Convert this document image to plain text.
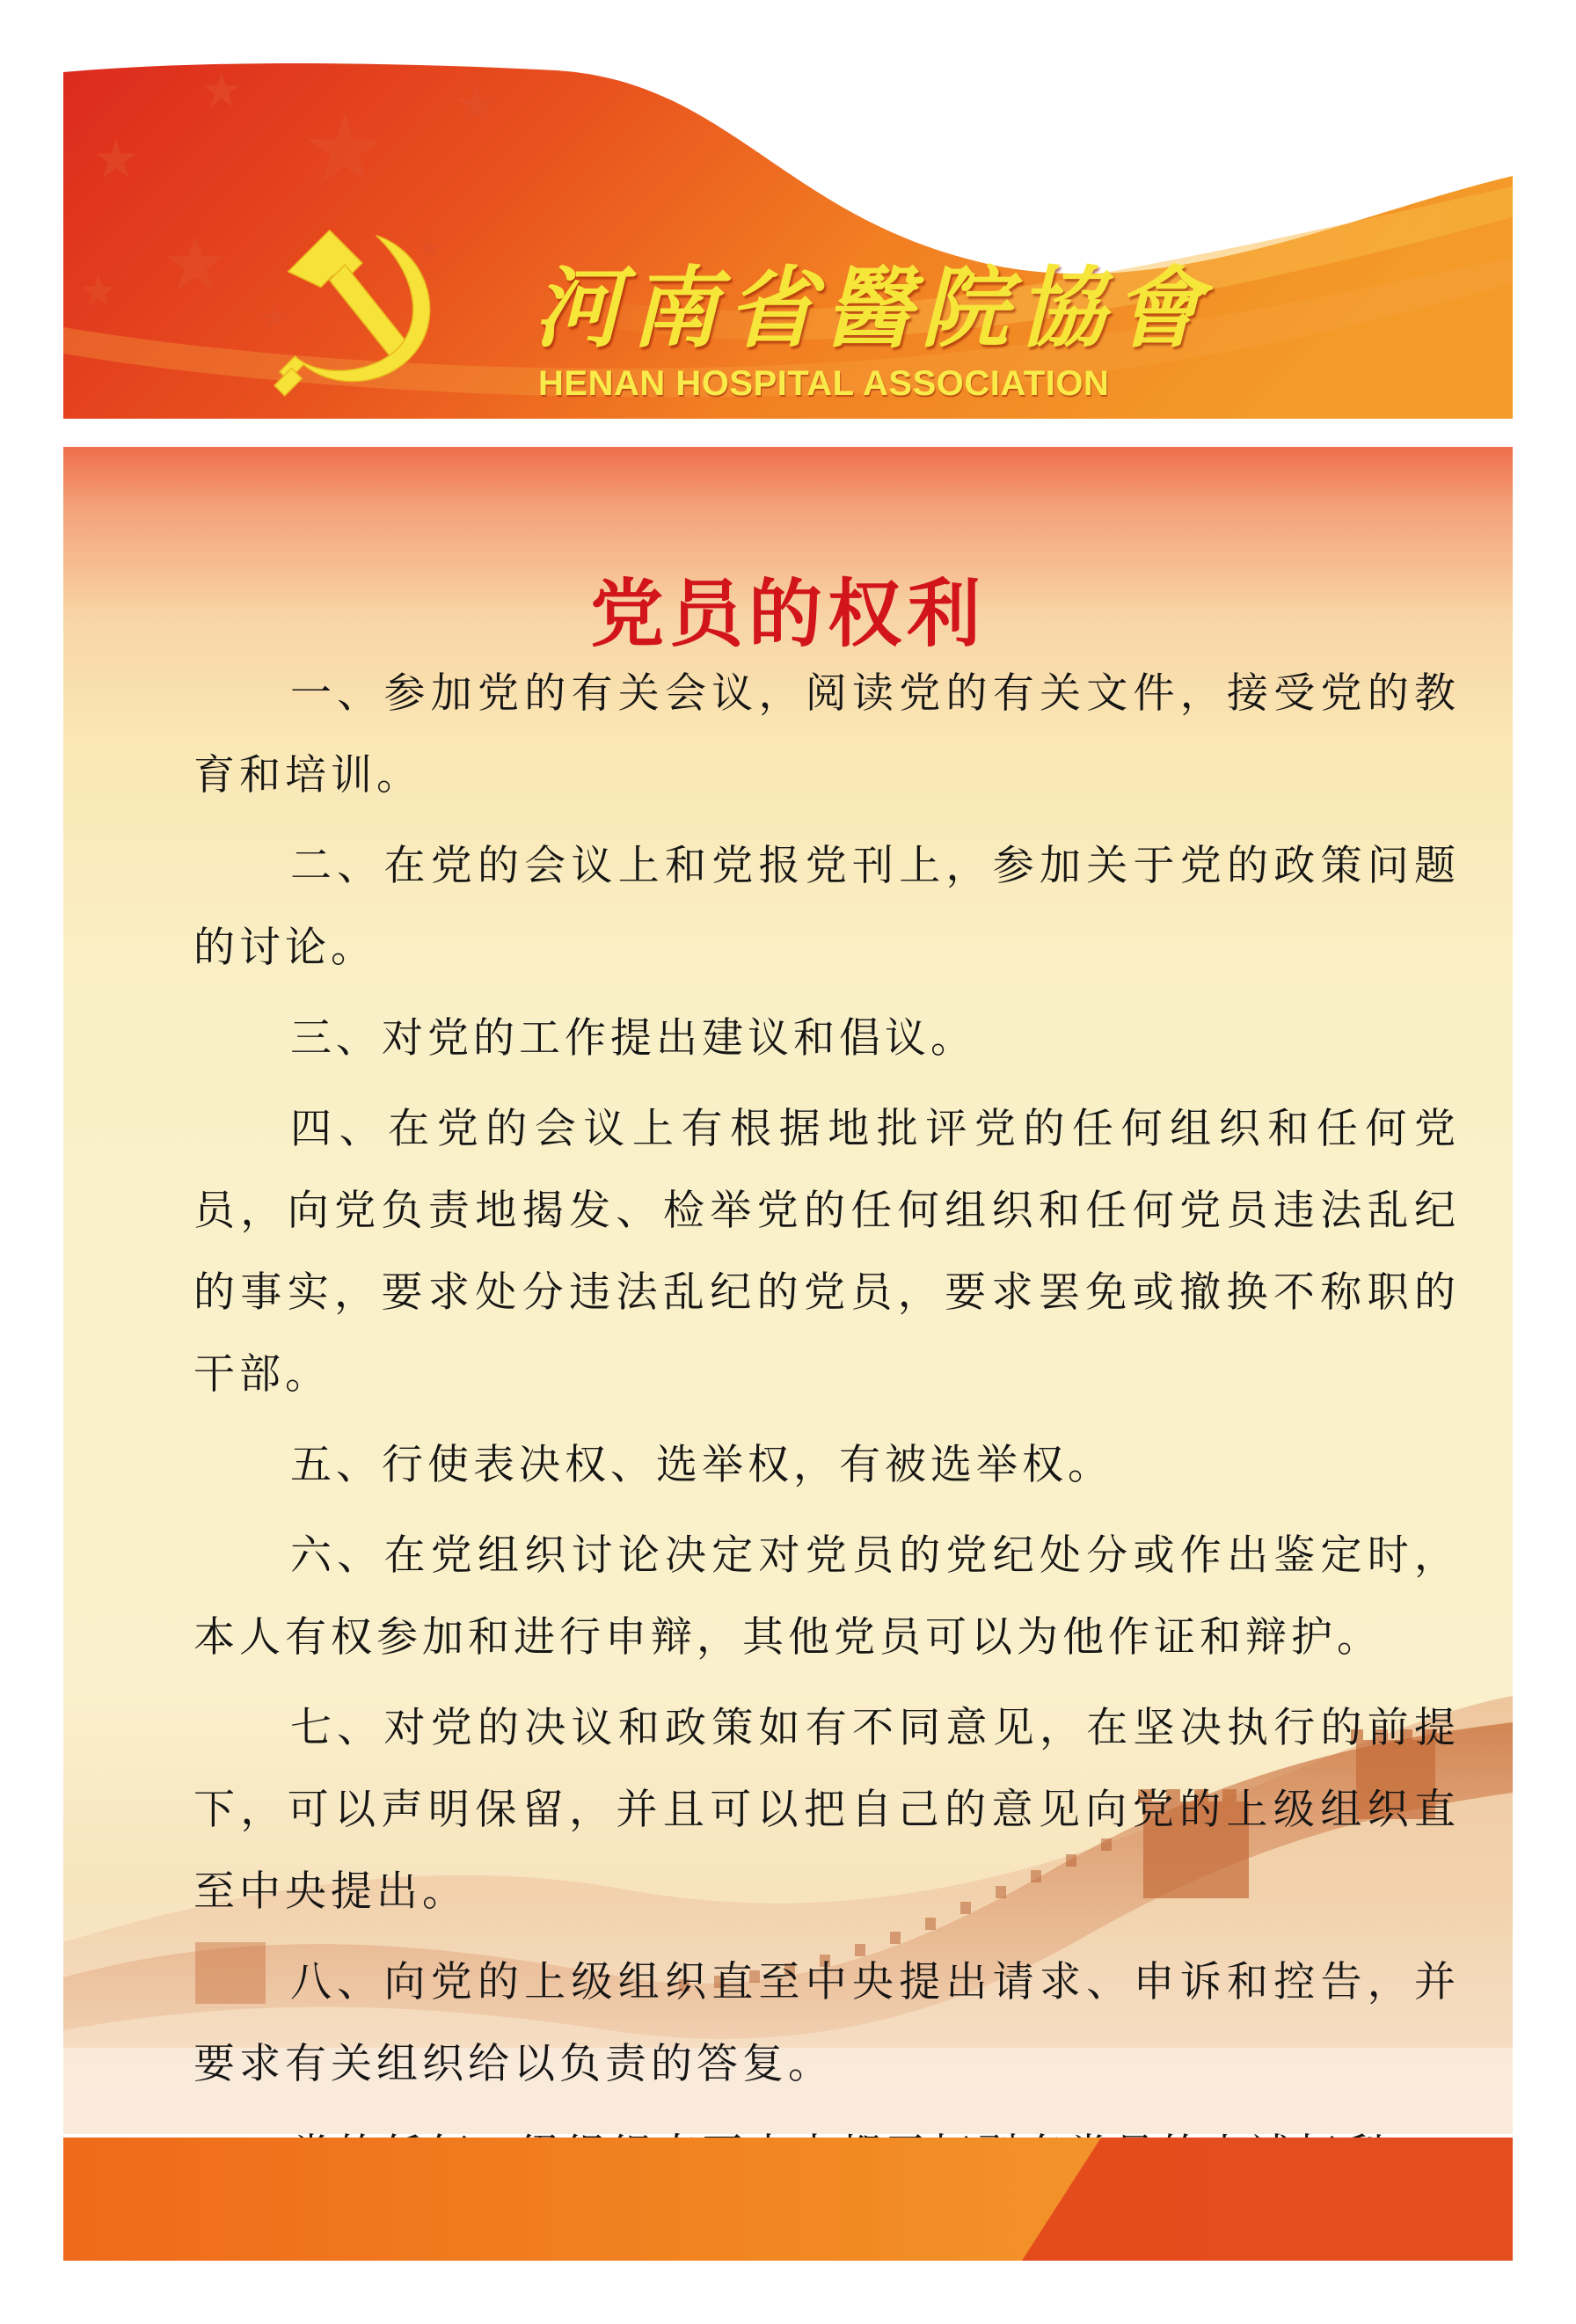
河南省醫院協會
HENAN HOSPITAL ASSOCIATION
党员的权利

一、参加党的有关会议，阅读党的有关文件，接受党的教育和培训。

二、在党的会议上和党报党刊上，参加关于党的政策问题的讨论。

三、对党的工作提出建议和倡议。

四、在党的会议上有根据地批评党的任何组织和任何党员，向党负责地揭发、检举党的任何组织和任何党员违法乱纪的事实，要求处分违法乱纪的党员，要求罢免或撤换不称职的干部。

五、行使表决权、选举权，有被选举权。

六、在党组织讨论决定对党员的党纪处分或作出鉴定时，本人有权参加和进行申辩，其他党员可以为他作证和辩护。

七、对党的决议和政策如有不同意见，在坚决执行的前提下，可以声明保留，并且可以把自己的意见向党的上级组织直至中央提出。

八、向党的上级组织直至中央提出请求、申诉和控告，并要求有关组织给以负责的答复。
